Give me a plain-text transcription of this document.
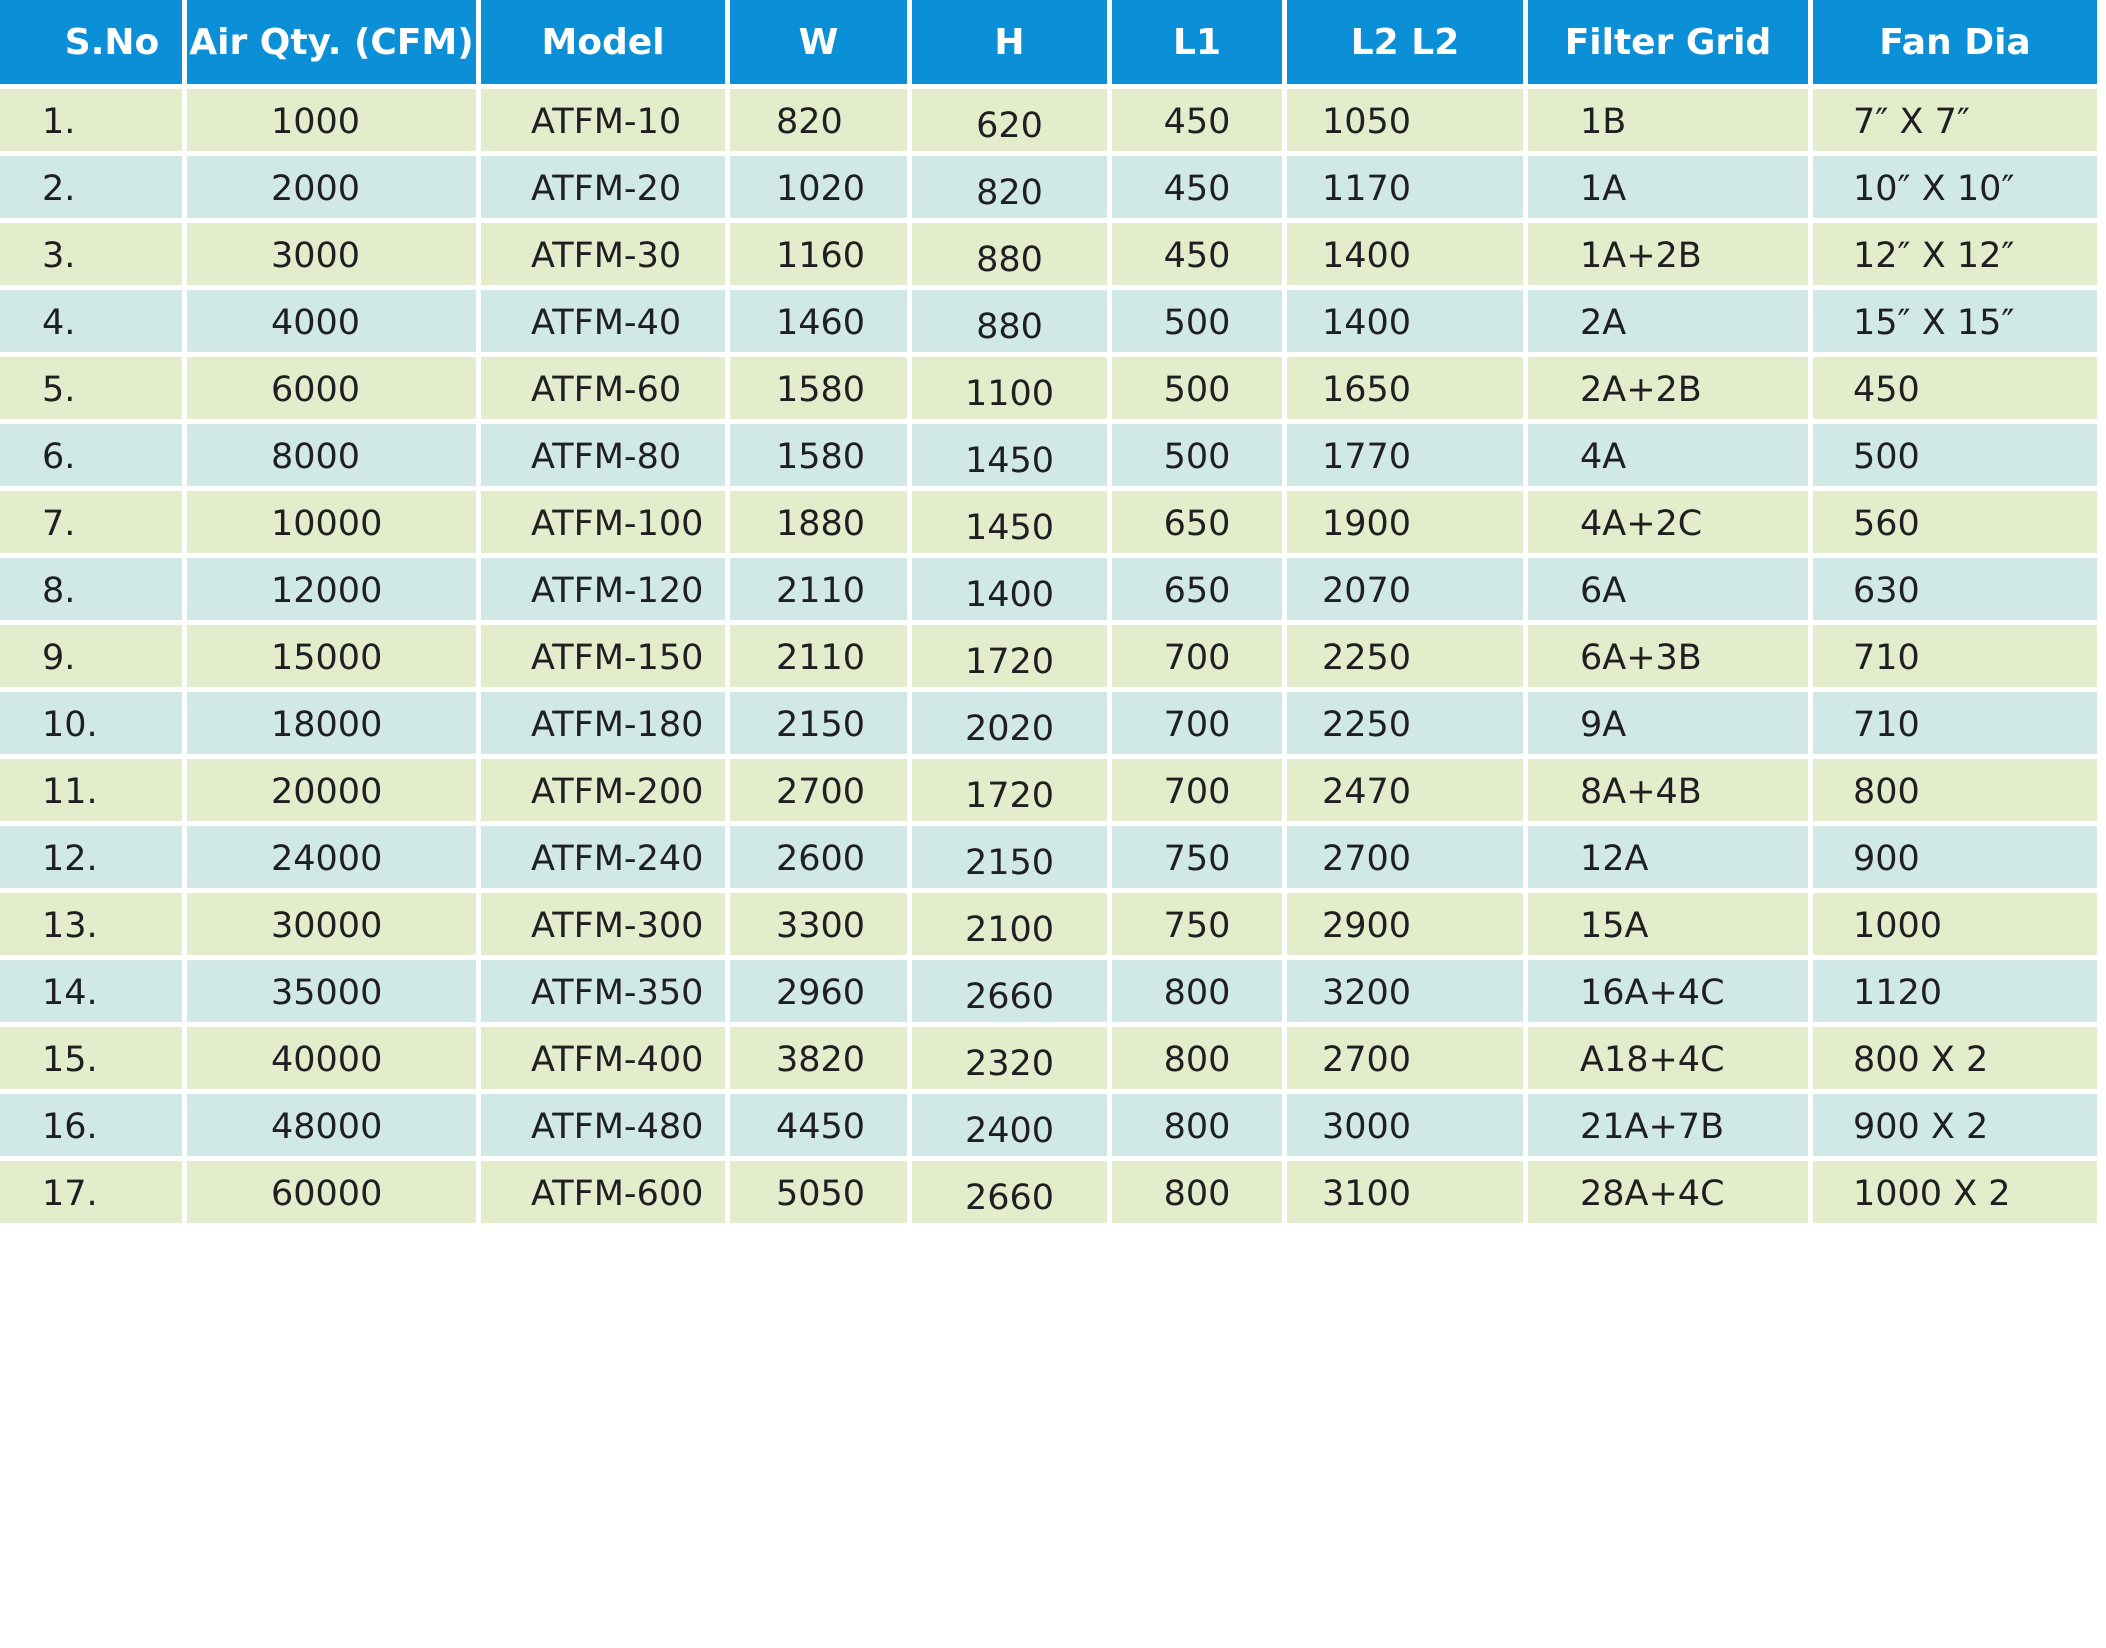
S.No Air Qty. (CFM)	Model	W	H	L1	L2 L2	Filter Grid	Fan Dia
1.	1000	ATFM-10	820	620	450	1050	1B	7″ X 7″
2.	2000	ATFM-20	1020	820	450	1170	1A	10″ X 10″
3.	3000	ATFM-30	1160	880	450	1400	1A+2B	12″ X 12″
4.	4000	ATFM-40	1460	880	500	1400	2A	15″ X 15″
5.	6000	ATFM-60	1580	1100	500	1650	2A+2B	450
6.	8000	ATFM-80	1580	1450	500	1770	4A	500
7.	10000	ATFM-100 1880	1450	650	1900	4A+2C	560
8.	12000	ATFM-120 2110	1400	650	2070	6A	630
9.	15000	ATFM-150 2110	1720	700	2250	6A+3B	710
10.	18000	ATFM-180 2150	2020	700	2250	9A	710
11.	20000	ATFM-200 2700	1720	700	2470	8A+4B	800
12.	24000	ATFM-240 2600	2150	750	2700	12A	900
13.	30000	ATFM-300 3300	2100	750	2900	15A	1000
14.	35000	ATFM-350 2960	2660	800	3200	16A+4C	1120
15.	40000	ATFM-400 3820	2320	800	2700	A18+4C	800 X 2
16.	48000	ATFM-480 4450	2400	800	3000	21A+7B	900 X 2
17.	60000	ATFM-600 5050	2660	800	3100	28A+4C	1000 X 2
